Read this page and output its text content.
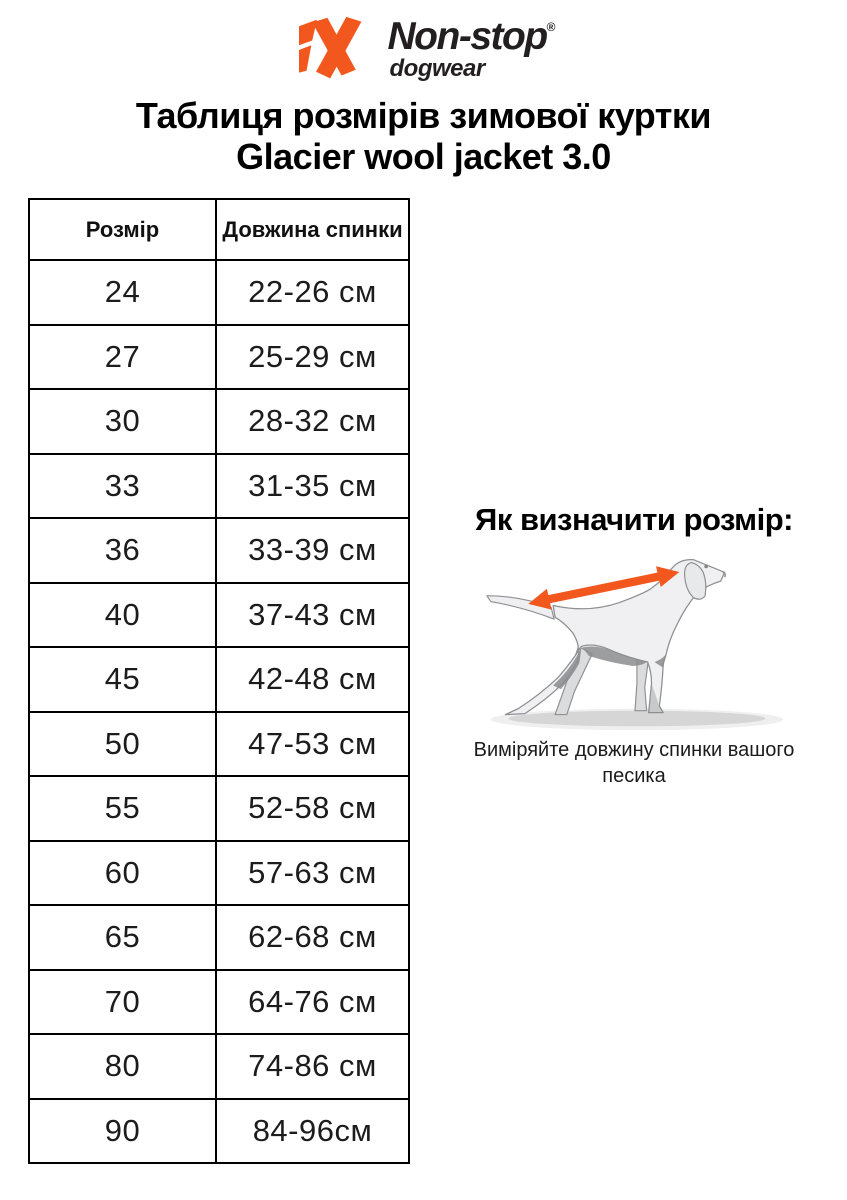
Non-stop®
dogwear
Таблиця розмірів зимової куртки
Glacier wool jacket 3.0
Розмір	Довжина спинки
24	22-26 см
27	25-29 см
30	28-32 см
33	31-35 см
36	33-39 см
40	37-43 см
45	42-48 см
50	47-53 см
55	52-58 см
60	57-63 см
65	62-68 см
70	64-76 см
80	74-86 см
90	84-96см
Як визначити розмір:
Виміряйте довжину спинки вашого песика
